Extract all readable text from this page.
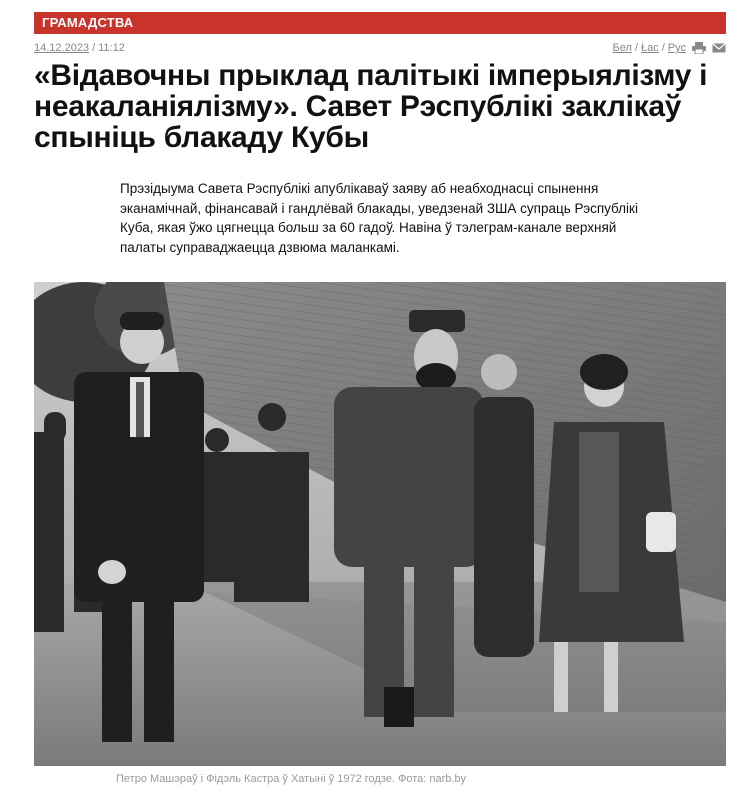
ГРАМАДСТВА
14.12.2023 / 11:12	Бел / Łac / Рус
«Відавочны прыклад палітыкі імперыялізму і неакаланіялізму». Савет Рэспублікі заклікаў спыніць блакаду Кубы

Прэзідыума Савета Рэспублікі апублікаваў заяву аб неабходнасці спынення эканамічнай, фінансавай і гандлёвай блакады, уведзенай ЗША супраць Рэспублікі Куба, якая ўжо цягнецца больш за 60 гадоў. Навіна ў тэлеграм-канале верхняй палаты суправаджаецца дзвюма маланкамі.

Петро Машэраў і Фідэль Кастра ў Хатыні ў 1972 годзе. Фота: narb.by
